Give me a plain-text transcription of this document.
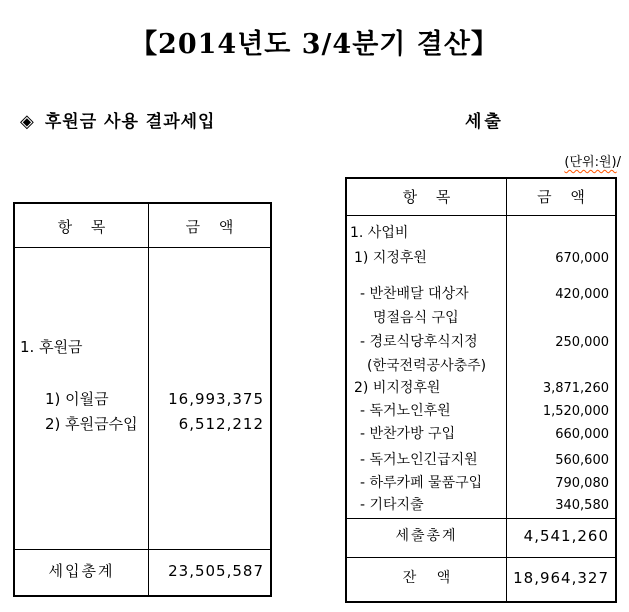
【2014년도 3/4분기 결산】
◈ 후원금 사용 결과세입	세출
(단위:원)/
항 목	금 액
1. 후원금
1) 이월금	16,993,375
2) 후원금수입	6,512,212
세입총계	23,505,587
항 목	금 액
1. 사업비
1) 지정후원	670,000
- 반찬배달 대상자	420,000
명절음식 구입
- 경로식당후식지정	250,000
(한국전력공사충주)
2) 비지정후원	3,871,260
- 독거노인후원	1,520,000
- 반찬가방 구입	660,000
- 독거노인긴급지원	560,600
- 하루카페 물품구입	790,080
- 기타지출	340,580
세출총계	4,541,260
잔 액	18,964,327
